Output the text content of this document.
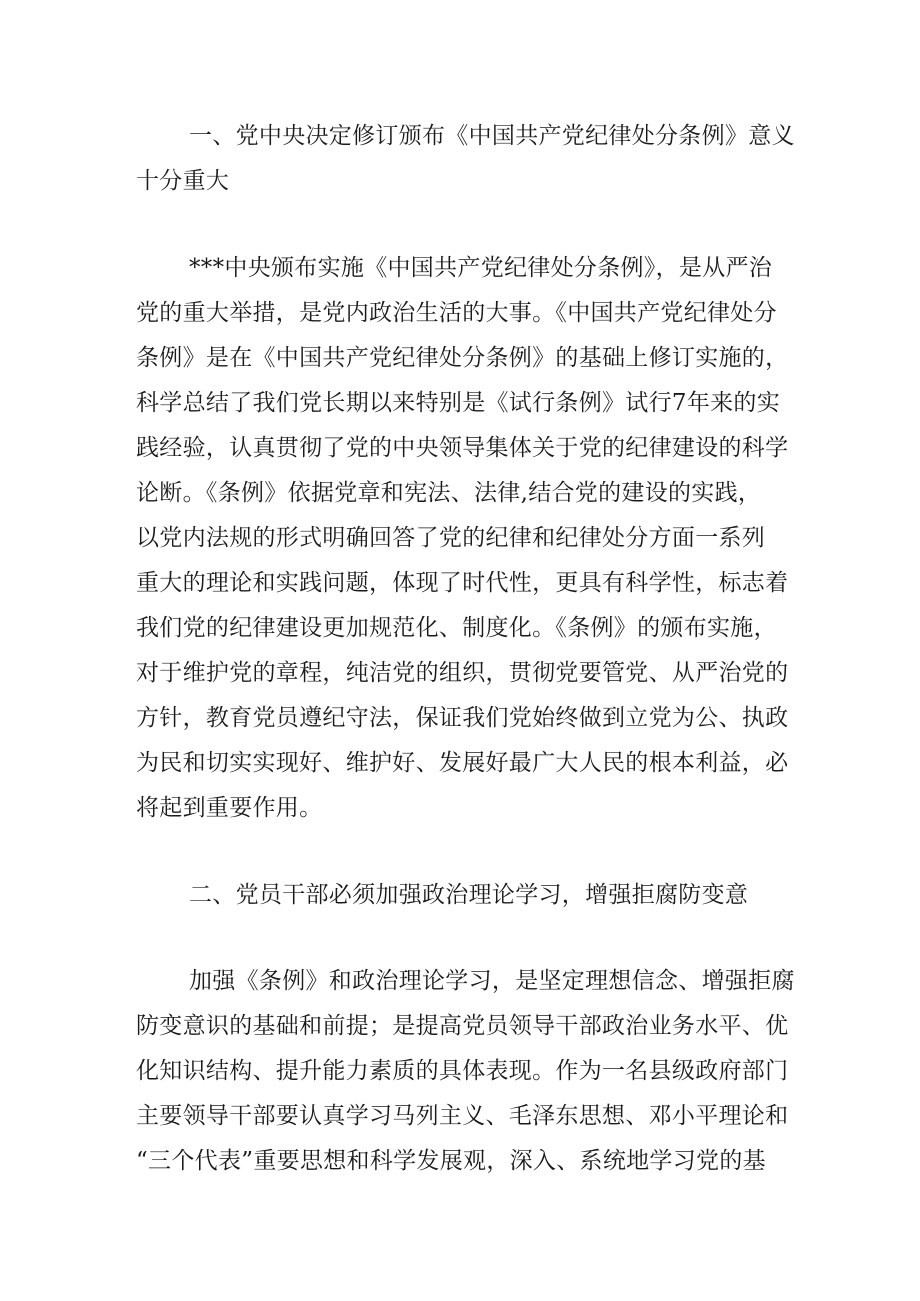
一、党中央决定修订颁布《中国共产党纪律处分条例》意义
十分重大
***中央颁布实施《中国共产党纪律处分条例》，是从严治
党的重大举措，是党内政治生活的大事。《中国共产党纪律处分
条例》是在《中国共产党纪律处分条例》的基础上修订实施的，
科学总结了我们党长期以来特别是《试行条例》试行7年来的实
践经验，认真贯彻了党的中央领导集体关于党的纪律建设的科学
论断。《条例》依据党章和宪法、法律,结合党的建设的实践，
以党内法规的形式明确回答了党的纪律和纪律处分方面一系列
重大的理论和实践问题，体现了时代性，更具有科学性，标志着
我们党的纪律建设更加规范化、制度化。《条例》的颁布实施，
对于维护党的章程，纯洁党的组织，贯彻党要管党、从严治党的
方针，教育党员遵纪守法，保证我们党始终做到立党为公、执政
为民和切实实现好、维护好、发展好最广大人民的根本利益，必
将起到重要作用。
二、党员干部必须加强政治理论学习，增强拒腐防变意
加强《条例》和政治理论学习，是坚定理想信念、增强拒腐
防变意识的基础和前提；是提高党员领导干部政治业务水平、优
化知识结构、提升能力素质的具体表现。作为一名县级政府部门
主要领导干部要认真学习马列主义、毛泽东思想、邓小平理论和
“三个代表”重要思想和科学发展观，深入、系统地学习党的基
